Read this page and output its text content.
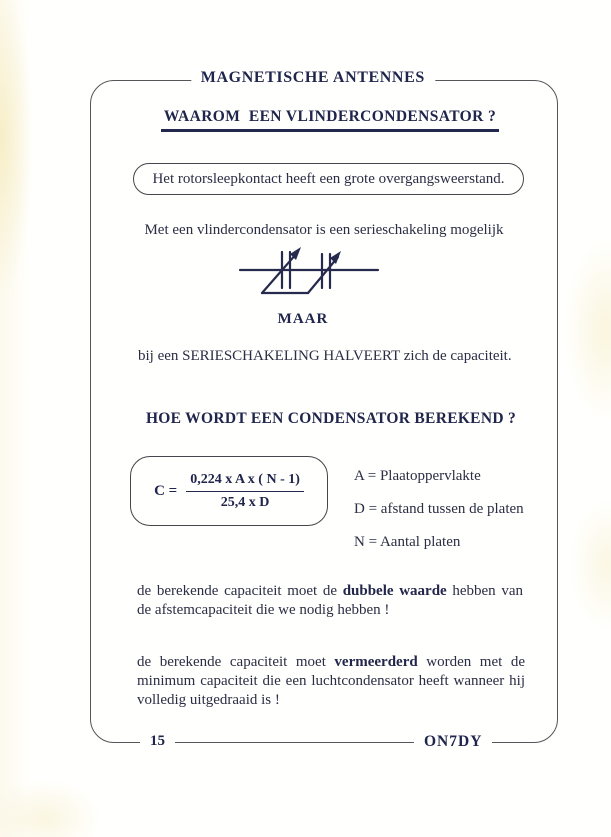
MAGNETISCHE ANTENNES
WAAROM  EEN VLINDERCONDENSATOR ?
Het rotorsleepkontact heeft een grote overgangsweerstand.
Met een vlindercondensator is een serieschakeling mogelijk
MAAR
bij een SERIESCHAKELING HALVEERT zich de capaciteit.
HOE WORDT EEN CONDENSATOR BEREKEND ?
$C = \frac{\text{0,224 x A x ( N - 1)}}{\text{25,4 x D}}$	A = Plaatoppervlakte
D = afstand tussen de platen
N = Aantal platen
de berekende capaciteit moet de dubbele waarde hebben van de afstemcapaciteit die we nodig hebben !
de berekende capaciteit moet vermeerderd worden met de minimum capaciteit die een luchtcondensator heeft wanneer hij volledig uitgedraaid is !
15	ON7DY
